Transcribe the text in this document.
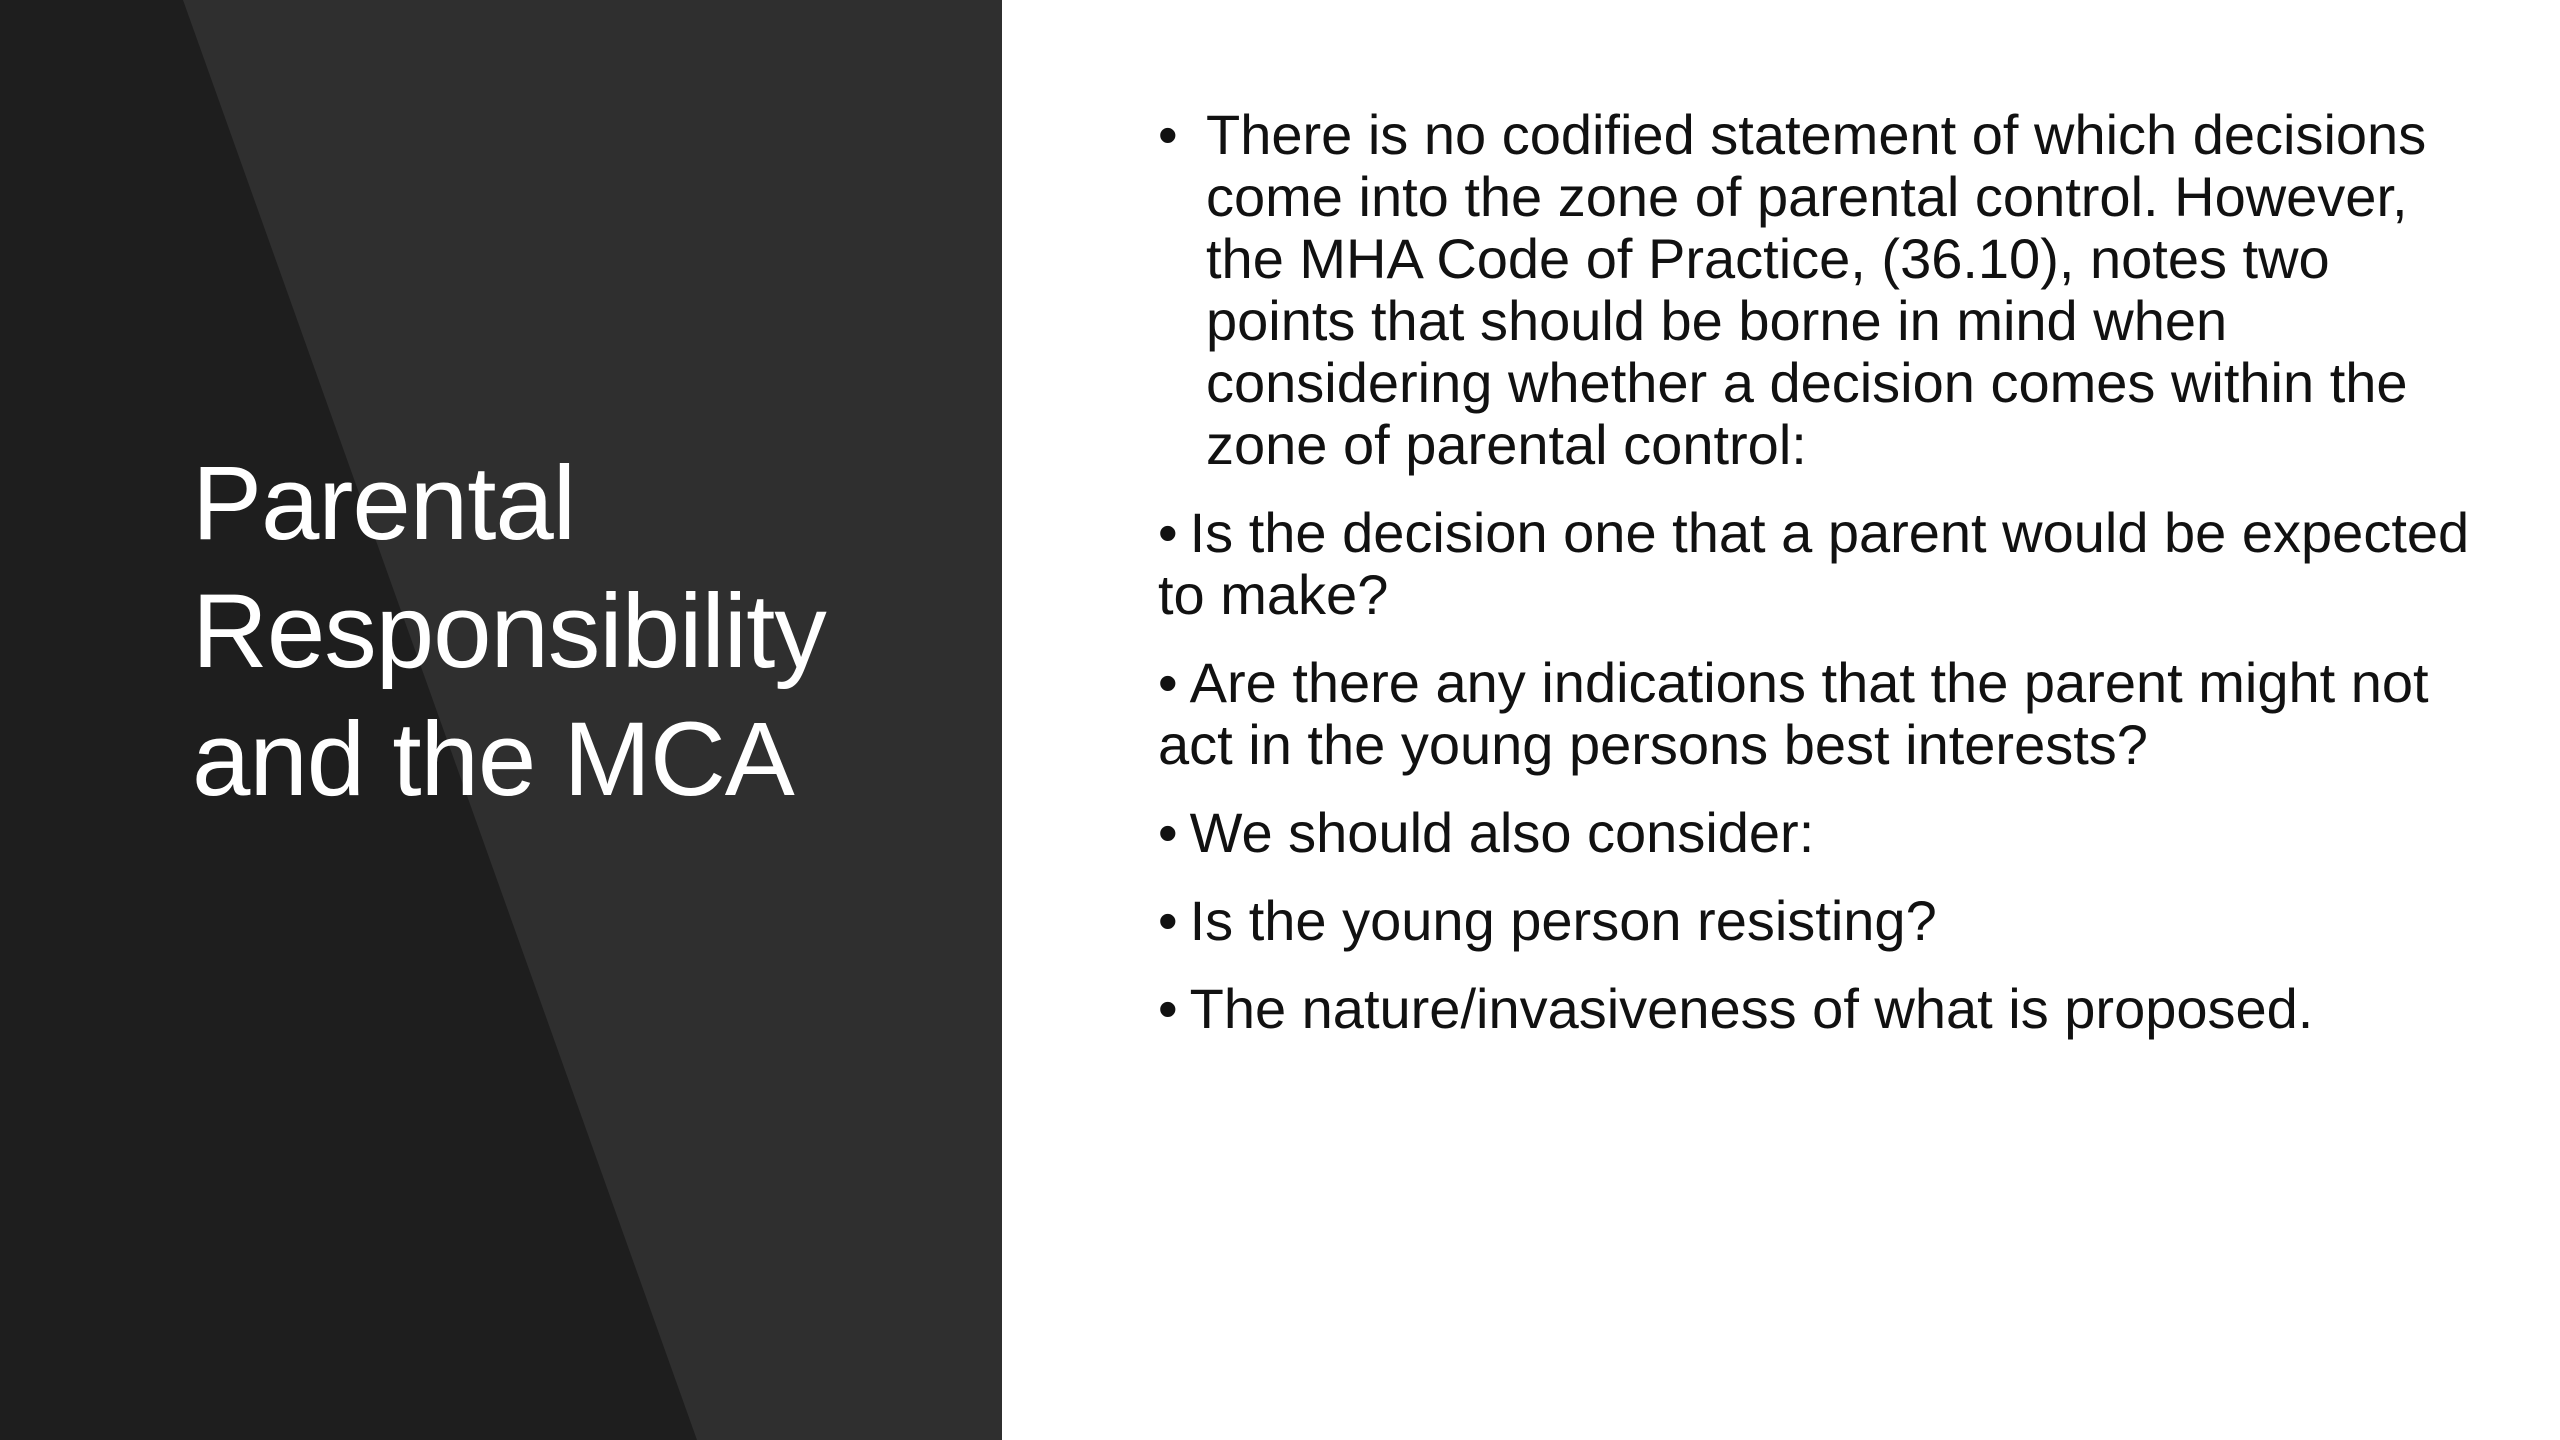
Parental
Responsibility
and the MCA
• There is no codified statement of which decisions come into the zone of parental control. However, the MHA Code of Practice, (36.10), notes two points that should be borne in mind when considering whether a decision comes within the zone of parental control:
• Is the decision one that a parent would be expected to make?
• Are there any indications that the parent might not act in the young persons best interests?
• We should also consider:
• Is the young person resisting?
• The nature/invasiveness of what is proposed.
